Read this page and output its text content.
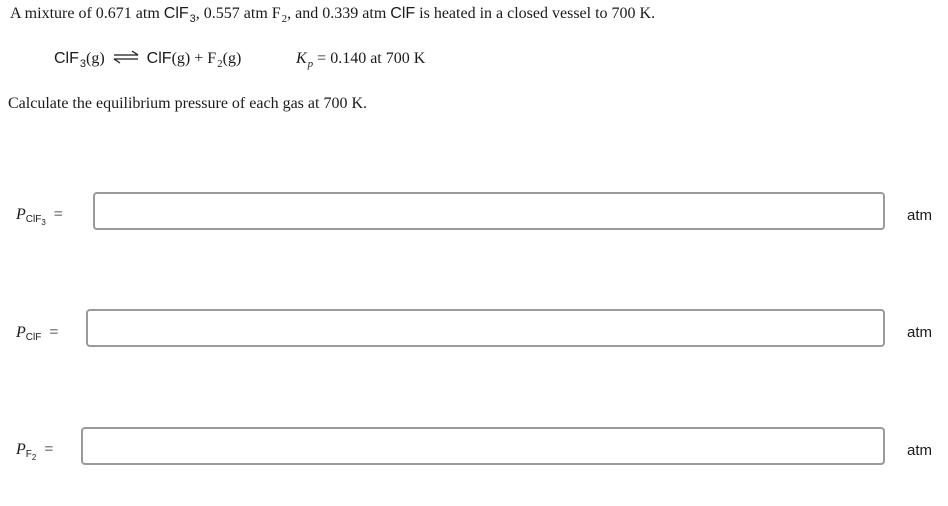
A mixture of 0.671 atm ClF$_3$, 0.557 atm $F_2$, and 0.339 atm ClF is heated in a closed vessel to 700 K.
ClF$_3$(g) ⇌ $ClF(g) + F_2(g)$	$K_p = 0.140$ at 700 K
Calculate the equilibrium pressure of each gas at 700 K.
$P_{ClF_3}$ =	atm
$P_{ClF}$ =	atm
$P_{F_2}$ =	atm
